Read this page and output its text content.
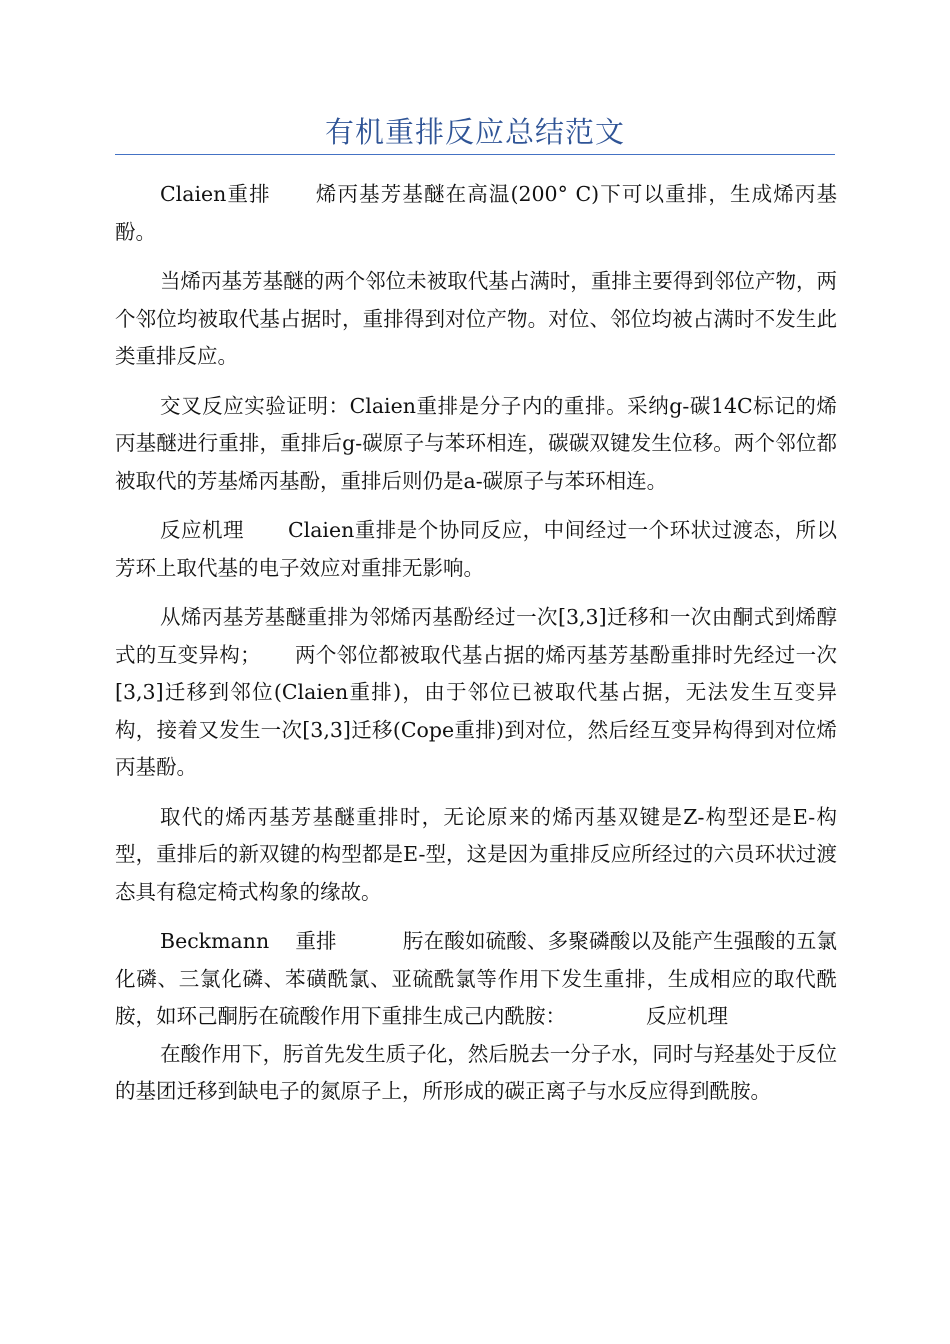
有机重排反应总结范文

Claien重排 烯丙基芳基醚在高温(200° C)下可以重排，生成烯丙基酚。

当烯丙基芳基醚的两个邻位未被取代基占满时，重排主要得到邻位产物，两个邻位均被取代基占据时，重排得到对位产物。对位、邻位均被占满时不发生此类重排反应。

交叉反应实验证明：Claien重排是分子内的重排。采纳g-碳14C标记的烯丙基醚进行重排，重排后g-碳原子与苯环相连，碳碳双键发生位移。两个邻位都被取代的芳基烯丙基酚，重排后则仍是a-碳原子与苯环相连。

反应机理 Claien重排是个协同反应，中间经过一个环状过渡态，所以芳环上取代基的电子效应对重排无影响。

从烯丙基芳基醚重排为邻烯丙基酚经过一次[3,3]迁移和一次由酮式到烯醇式的互变异构； 两个邻位都被取代基占据的烯丙基芳基酚重排时先经过一次[3,3]迁移到邻位(Claien重排)，由于邻位已被取代基占据，无法发生互变异构，接着又发生一次[3,3]迁移(Cope重排)到对位，然后经互变异构得到对位烯丙基酚。

取代的烯丙基芳基醚重排时，无论原来的烯丙基双键是Z-构型还是E-构型，重排后的新双键的构型都是E-型，这是因为重排反应所经过的六员环状过渡态具有稳定椅式构象的缘故。

Beckmann 重排	肟在酸如硫酸、多聚磷酸以及能产生强酸的五氯化磷、三氯化磷、苯磺酰氯、亚硫酰氯等作用下发生重排，生成相应的取代酰胺，如环己酮肟在硫酸作用下重排生成己内酰胺：	反应机理

在酸作用下，肟首先发生质子化，然后脱去一分子水，同时与羟基处于反位的基团迁移到缺电子的氮原子上，所形成的碳正离子与水反应得到酰胺。
